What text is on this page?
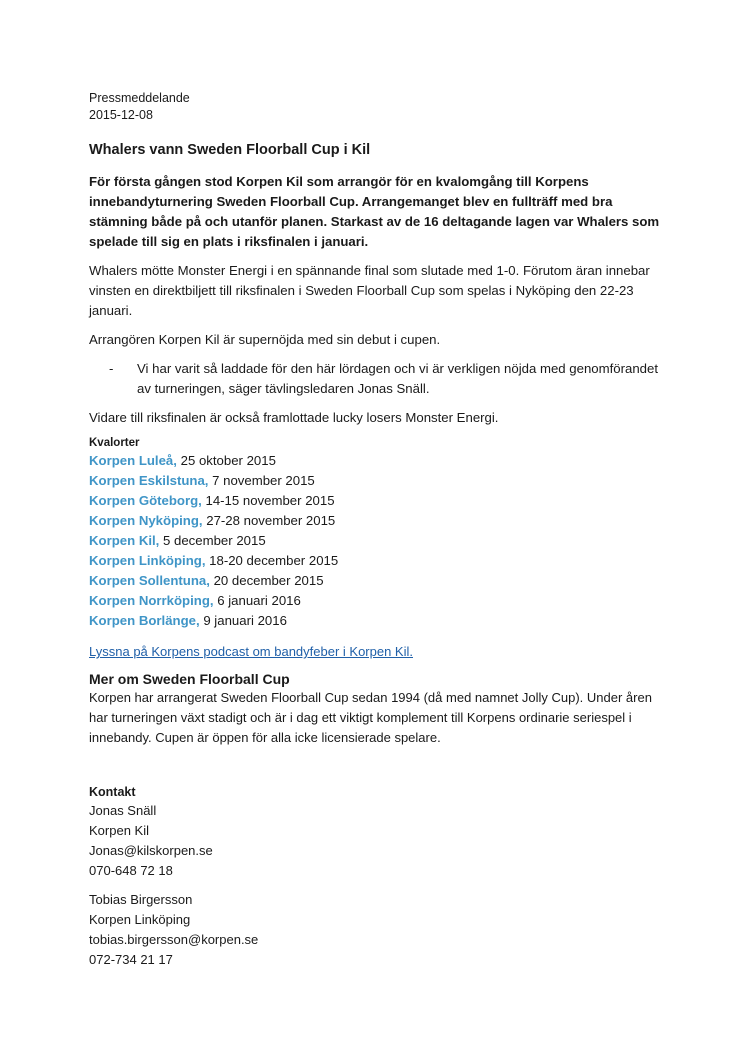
Pressmeddelande
2015-12-08
Whalers vann Sweden Floorball Cup i Kil
För första gången stod Korpen Kil som arrangör för en kvalomgång till Korpens innebandyturnering Sweden Floorball Cup. Arrangemanget blev en fullträff med bra stämning både på och utanför planen. Starkast av de 16 deltagande lagen var Whalers som spelade till sig en plats i riksfinalen i januari.
Whalers mötte Monster Energi i en spännande final som slutade med 1-0. Förutom äran innebar vinsten en direktbiljett till riksfinalen i Sweden Floorball Cup som spelas i Nyköping den 22-23 januari.
Arrangören Korpen Kil är supernöjda med sin debut i cupen.
-	Vi har varit så laddade för den här lördagen och vi är verkligen nöjda med genomförandet av turneringen, säger tävlingsledaren Jonas Snäll.
Vidare till riksfinalen är också framlottade lucky losers Monster Energi.
Kvalorter
Korpen Luleå, 25 oktober 2015
Korpen Eskilstuna, 7 november 2015
Korpen Göteborg, 14-15 november 2015
Korpen Nyköping, 27-28 november 2015
Korpen Kil, 5 december 2015
Korpen Linköping, 18-20 december 2015
Korpen Sollentuna, 20 december 2015
Korpen Norrköping, 6 januari 2016
Korpen Borlänge, 9 januari 2016
Lyssna på Korpens podcast om bandyfeber i Korpen Kil.
Mer om Sweden Floorball Cup
Korpen har arrangerat Sweden Floorball Cup sedan 1994 (då med namnet Jolly Cup). Under åren har turneringen växt stadigt och är i dag ett viktigt komplement till Korpens ordinarie seriespel i innebandy. Cupen är öppen för alla icke licensierade spelare.
Kontakt
Jonas Snäll
Korpen Kil
Jonas@kilskorpen.se
070-648 72 18
Tobias Birgersson
Korpen Linköping
tobias.birgersson@korpen.se
072-734 21 17
